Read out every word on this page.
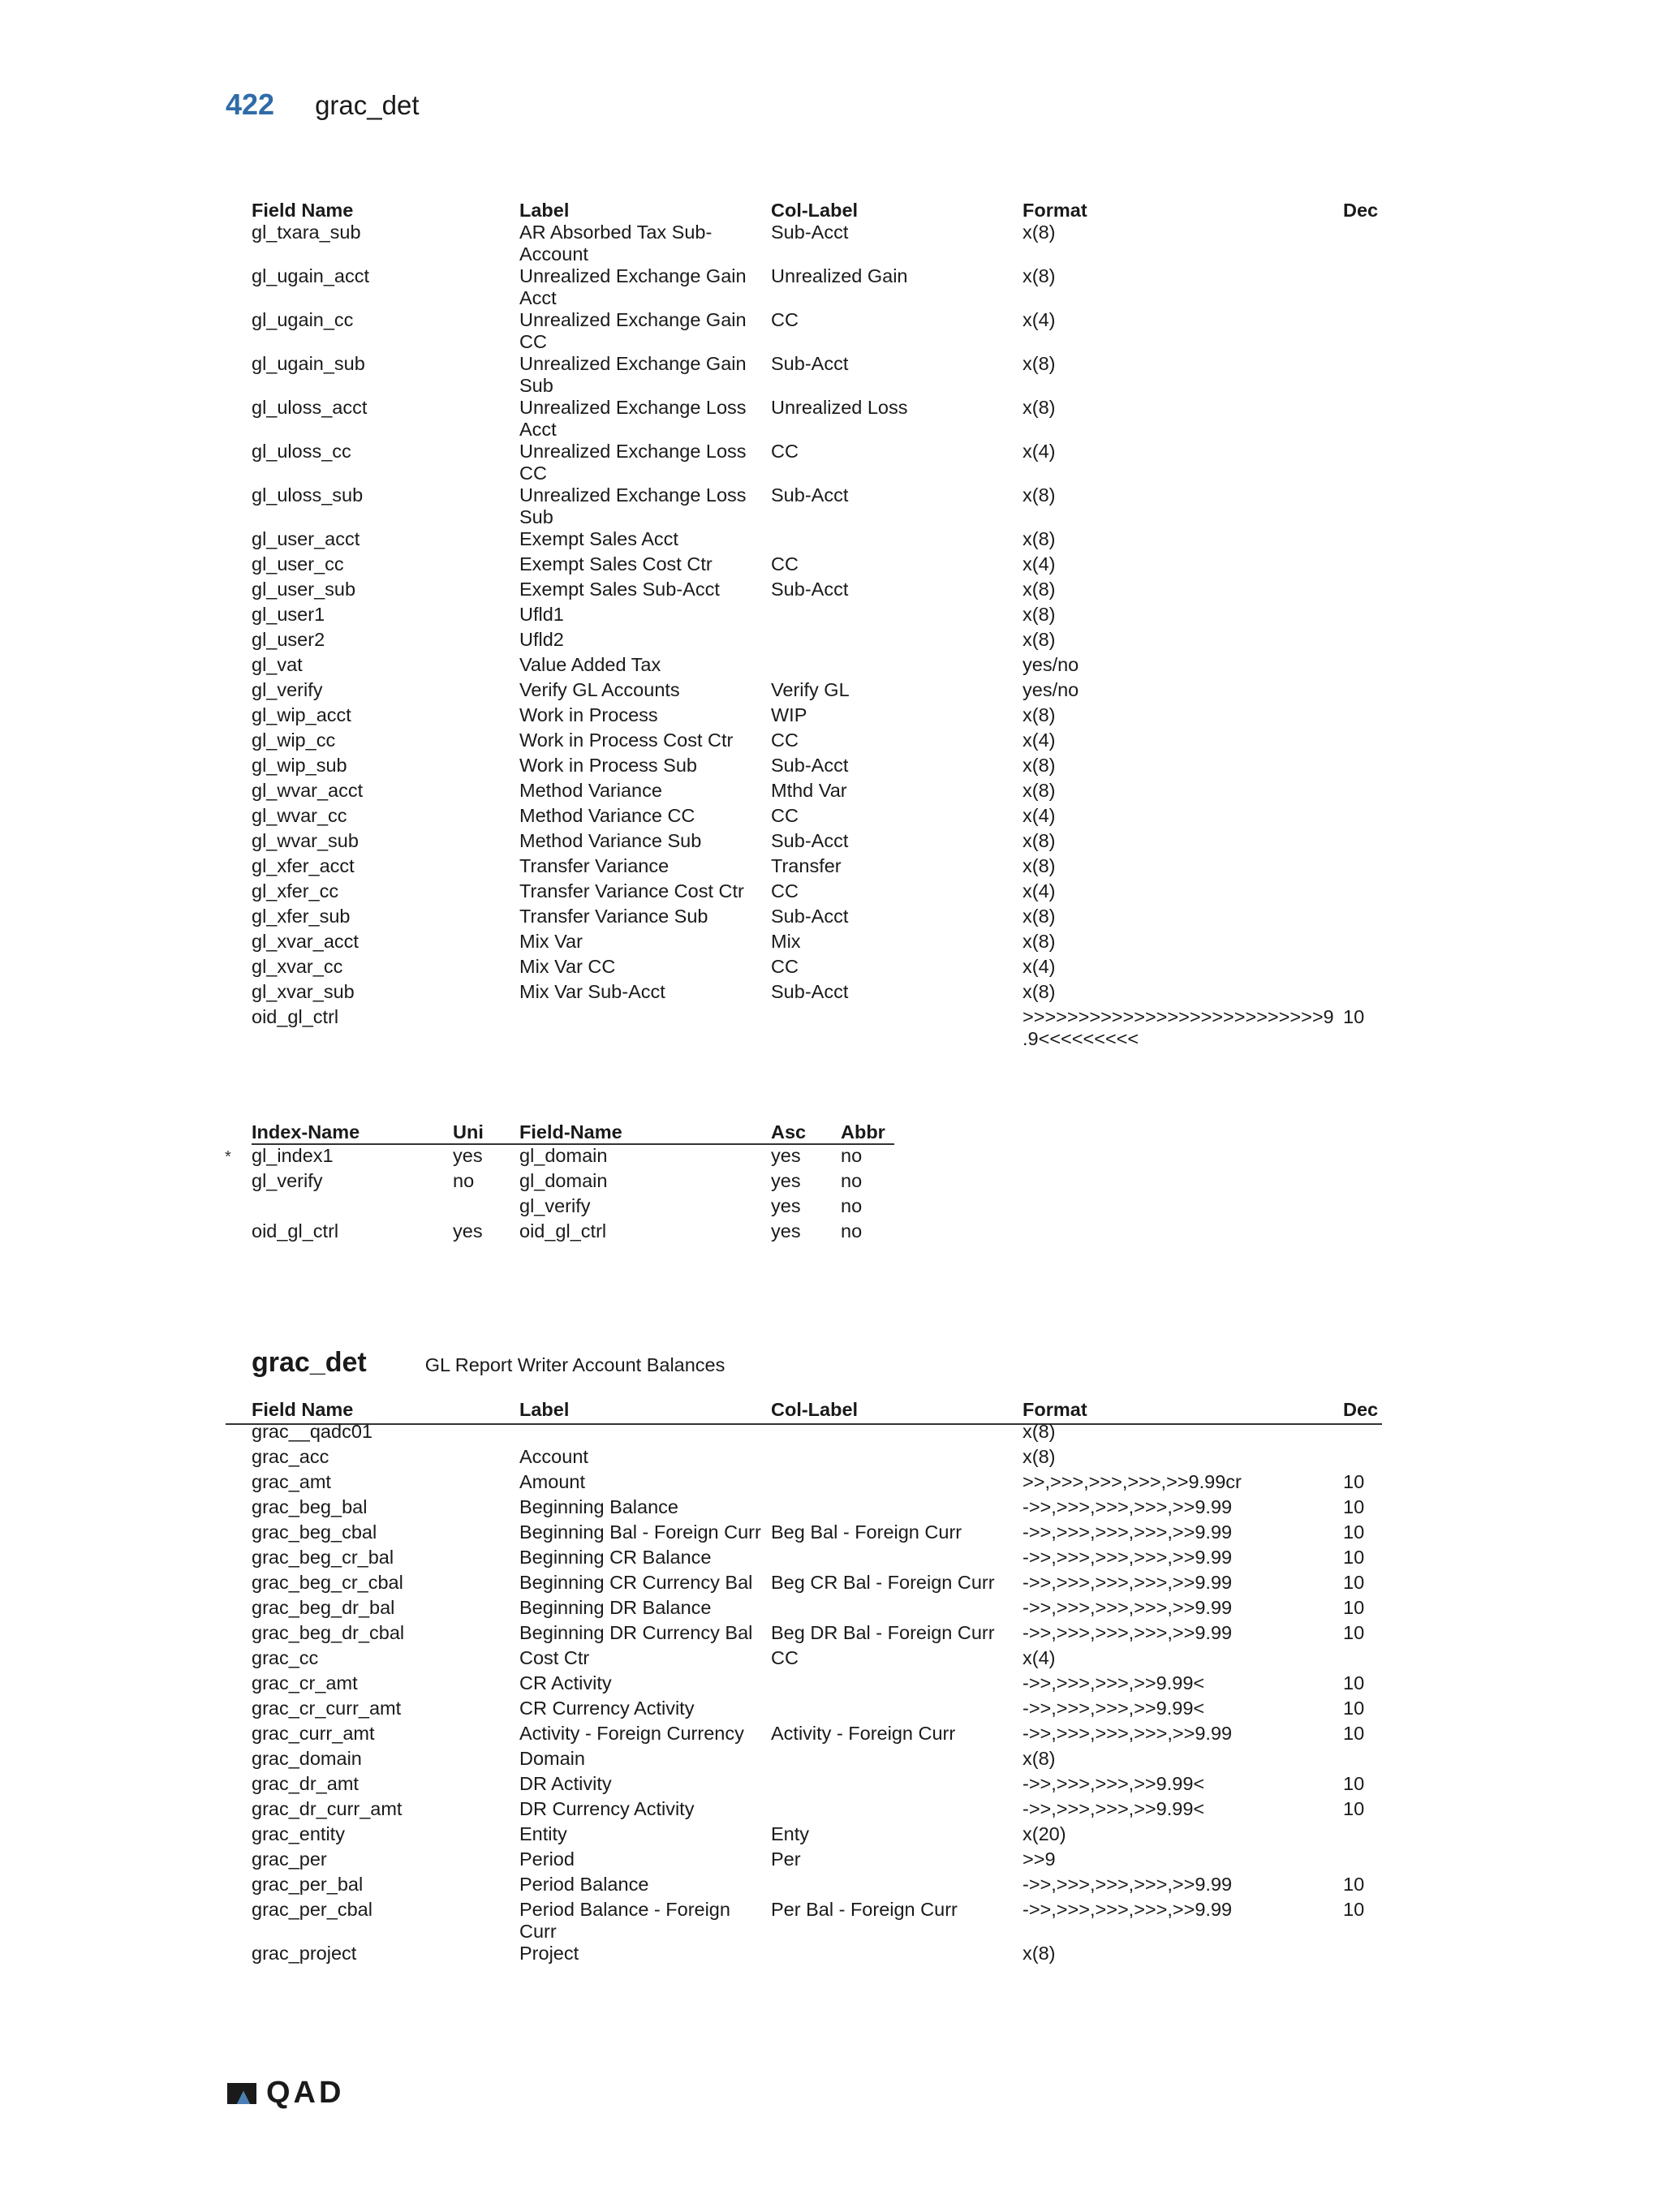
422 grac_det
Field Name	Label	Col-Label	Format	Dec
gl_txara_sub	AR Absorbed Tax Sub-Account	Sub-Acct	x(8)	
gl_ugain_acct	Unrealized Exchange Gain Acct	Unrealized Gain	x(8)	
gl_ugain_cc	Unrealized Exchange Gain CC	CC	x(4)	
gl_ugain_sub	Unrealized Exchange Gain Sub	Sub-Acct	x(8)	
gl_uloss_acct	Unrealized Exchange Loss Acct	Unrealized Loss	x(8)	
gl_uloss_cc	Unrealized Exchange Loss CC	CC	x(4)	
gl_uloss_sub	Unrealized Exchange Loss Sub	Sub-Acct	x(8)	
gl_user_acct	Exempt Sales Acct		x(8)	
gl_user_cc	Exempt Sales Cost Ctr	CC	x(4)	
gl_user_sub	Exempt Sales Sub-Acct	Sub-Acct	x(8)	
gl_user1	Ufld1		x(8)	
gl_user2	Ufld2		x(8)	
gl_vat	Value Added Tax		yes/no	
gl_verify	Verify GL Accounts	Verify GL	yes/no	
gl_wip_acct	Work in Process	WIP	x(8)	
gl_wip_cc	Work in Process Cost Ctr	CC	x(4)	
gl_wip_sub	Work in Process Sub	Sub-Acct	x(8)	
gl_wvar_acct	Method Variance	Mthd Var	x(8)	
gl_wvar_cc	Method Variance CC	CC	x(4)	
gl_wvar_sub	Method Variance Sub	Sub-Acct	x(8)	
gl_xfer_acct	Transfer Variance	Transfer	x(8)	
gl_xfer_cc	Transfer Variance Cost Ctr	CC	x(4)	
gl_xfer_sub	Transfer Variance Sub	Sub-Acct	x(8)	
gl_xvar_acct	Mix Var	Mix	x(8)	
gl_xvar_cc	Mix Var CC	CC	x(4)	
gl_xvar_sub	Mix Var Sub-Acct	Sub-Acct	x(8)	
oid_gl_ctrl			>>>>>>>>>>>>>>>>>>>>>>>>>>>9 .9<<<<<<<<<	10
*
Index-Name	Uni	Field-Name	Asc	Abbr
gl_index1	yes	gl_domain	yes	no
gl_verify	no	gl_domain	yes	no
		gl_verify	yes	no
oid_gl_ctrl	yes	oid_gl_ctrl	yes	no
grac_det	GL Report Writer Account Balances
Field Name	Label	Col-Label	Format	Dec
grac__qadc01			x(8)	
grac_acc	Account		x(8)	
grac_amt	Amount		>>,>>>,>>>,>>>,>>9.99cr	10
grac_beg_bal	Beginning Balance		->>,>>>,>>>,>>>,>>9.99	10
grac_beg_cbal	Beginning Bal - Foreign Curr	Beg Bal - Foreign Curr	->>,>>>,>>>,>>>,>>9.99	10
grac_beg_cr_bal	Beginning CR Balance		->>,>>>,>>>,>>>,>>9.99	10
grac_beg_cr_cbal	Beginning CR Currency Bal	Beg CR Bal - Foreign Curr	->>,>>>,>>>,>>>,>>9.99	10
grac_beg_dr_bal	Beginning DR Balance		->>,>>>,>>>,>>>,>>9.99	10
grac_beg_dr_cbal	Beginning DR Currency Bal	Beg DR Bal - Foreign Curr	->>,>>>,>>>,>>>,>>9.99	10
grac_cc	Cost Ctr	CC	x(4)	
grac_cr_amt	CR Activity		->>,>>>,>>>,>>9.99<	10
grac_cr_curr_amt	CR Currency Activity		->>,>>>,>>>,>>9.99<	10
grac_curr_amt	Activity - Foreign Currency	Activity - Foreign Curr	->>,>>>,>>>,>>>,>>9.99	10
grac_domain	Domain		x(8)	
grac_dr_amt	DR Activity		->>,>>>,>>>,>>9.99<	10
grac_dr_curr_amt	DR Currency Activity		->>,>>>,>>>,>>9.99<	10
grac_entity	Entity	Enty	x(20)	
grac_per	Period	Per	>>9	
grac_per_bal	Period Balance		->>,>>>,>>>,>>>,>>9.99	10
grac_per_cbal	Period Balance - Foreign Curr	Per Bal - Foreign Curr	->>,>>>,>>>,>>>,>>9.99	10
grac_project	Project		x(8)	
QAD
